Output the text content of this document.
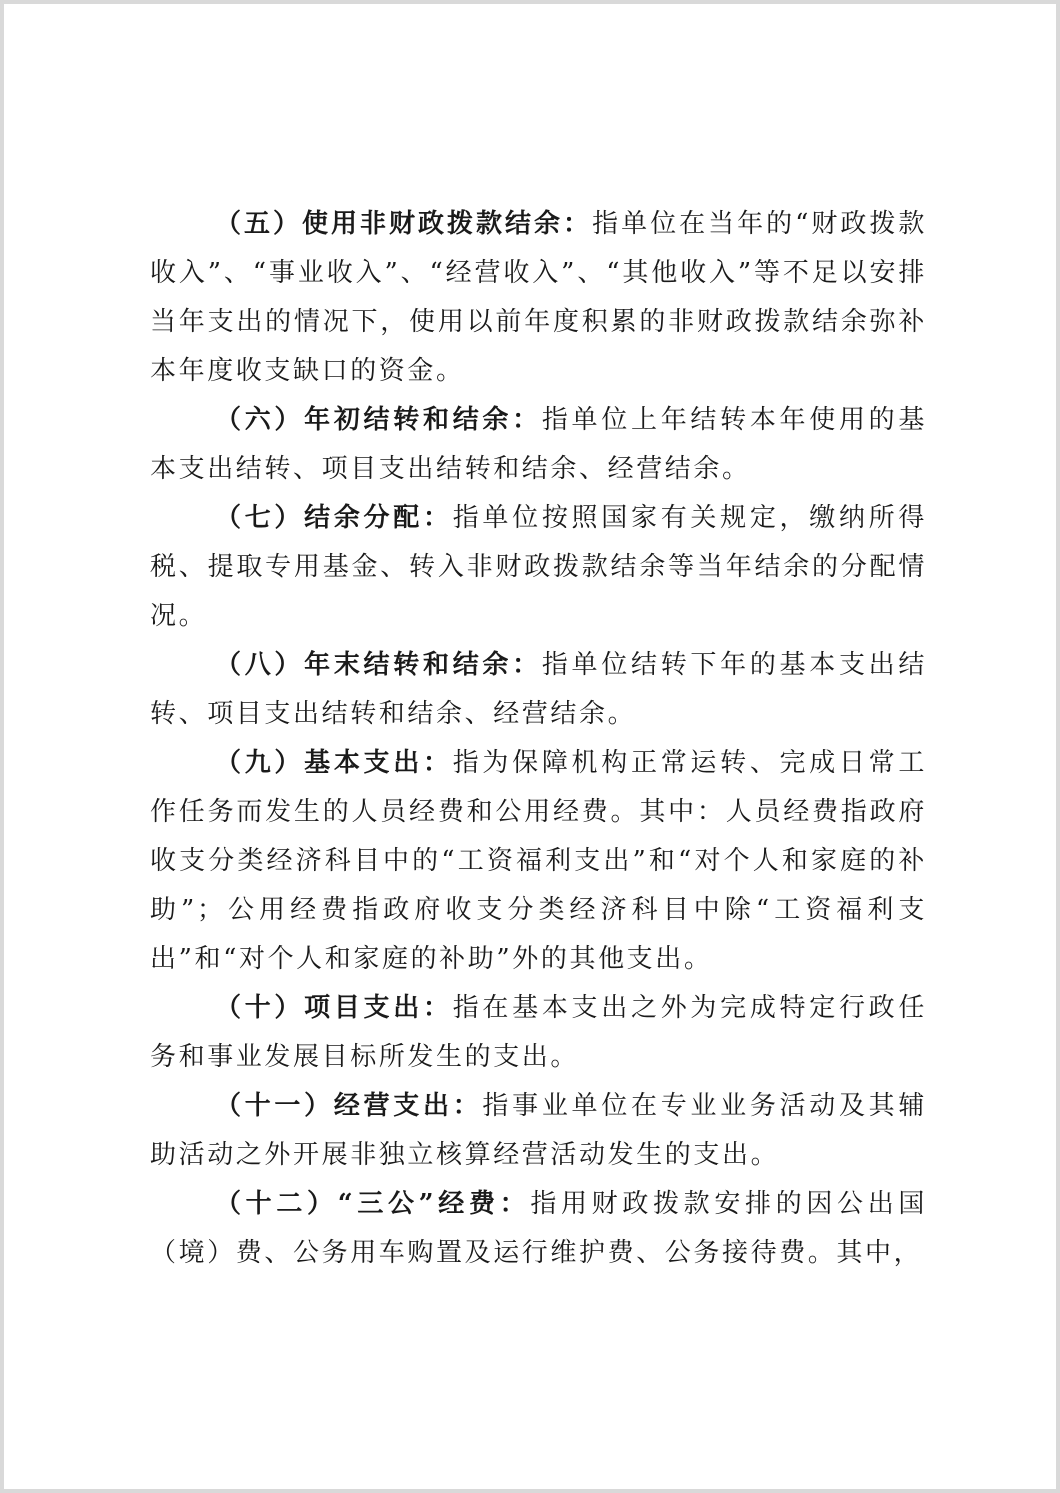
（五）使用非财政拨款结余：指单位在当年的“财政拨款收入”、“事业收入”、“经营收入”、“其他收入”等不足以安排当年支出的情况下，使用以前年度积累的非财政拨款结余弥补本年度收支缺口的资金。

（六）年初结转和结余：指单位上年结转本年使用的基本支出结转、项目支出结转和结余、经营结余。

（七）结余分配：指单位按照国家有关规定，缴纳所得税、提取专用基金、转入非财政拨款结余等当年结余的分配情况。

（八）年末结转和结余：指单位结转下年的基本支出结转、项目支出结转和结余、经营结余。

（九）基本支出：指为保障机构正常运转、完成日常工作任务而发生的人员经费和公用经费。其中：人员经费指政府收支分类经济科目中的“工资福利支出”和“对个人和家庭的补助”；公用经费指政府收支分类经济科目中除“工资福利支出”和“对个人和家庭的补助”外的其他支出。

（十）项目支出：指在基本支出之外为完成特定行政任务和事业发展目标所发生的支出。

（十一）经营支出：指事业单位在专业业务活动及其辅助活动之外开展非独立核算经营活动发生的支出。

（十二）“三公”经费：指用财政拨款安排的因公出国（境）费、公务用车购置及运行维护费、公务接待费。其中，
